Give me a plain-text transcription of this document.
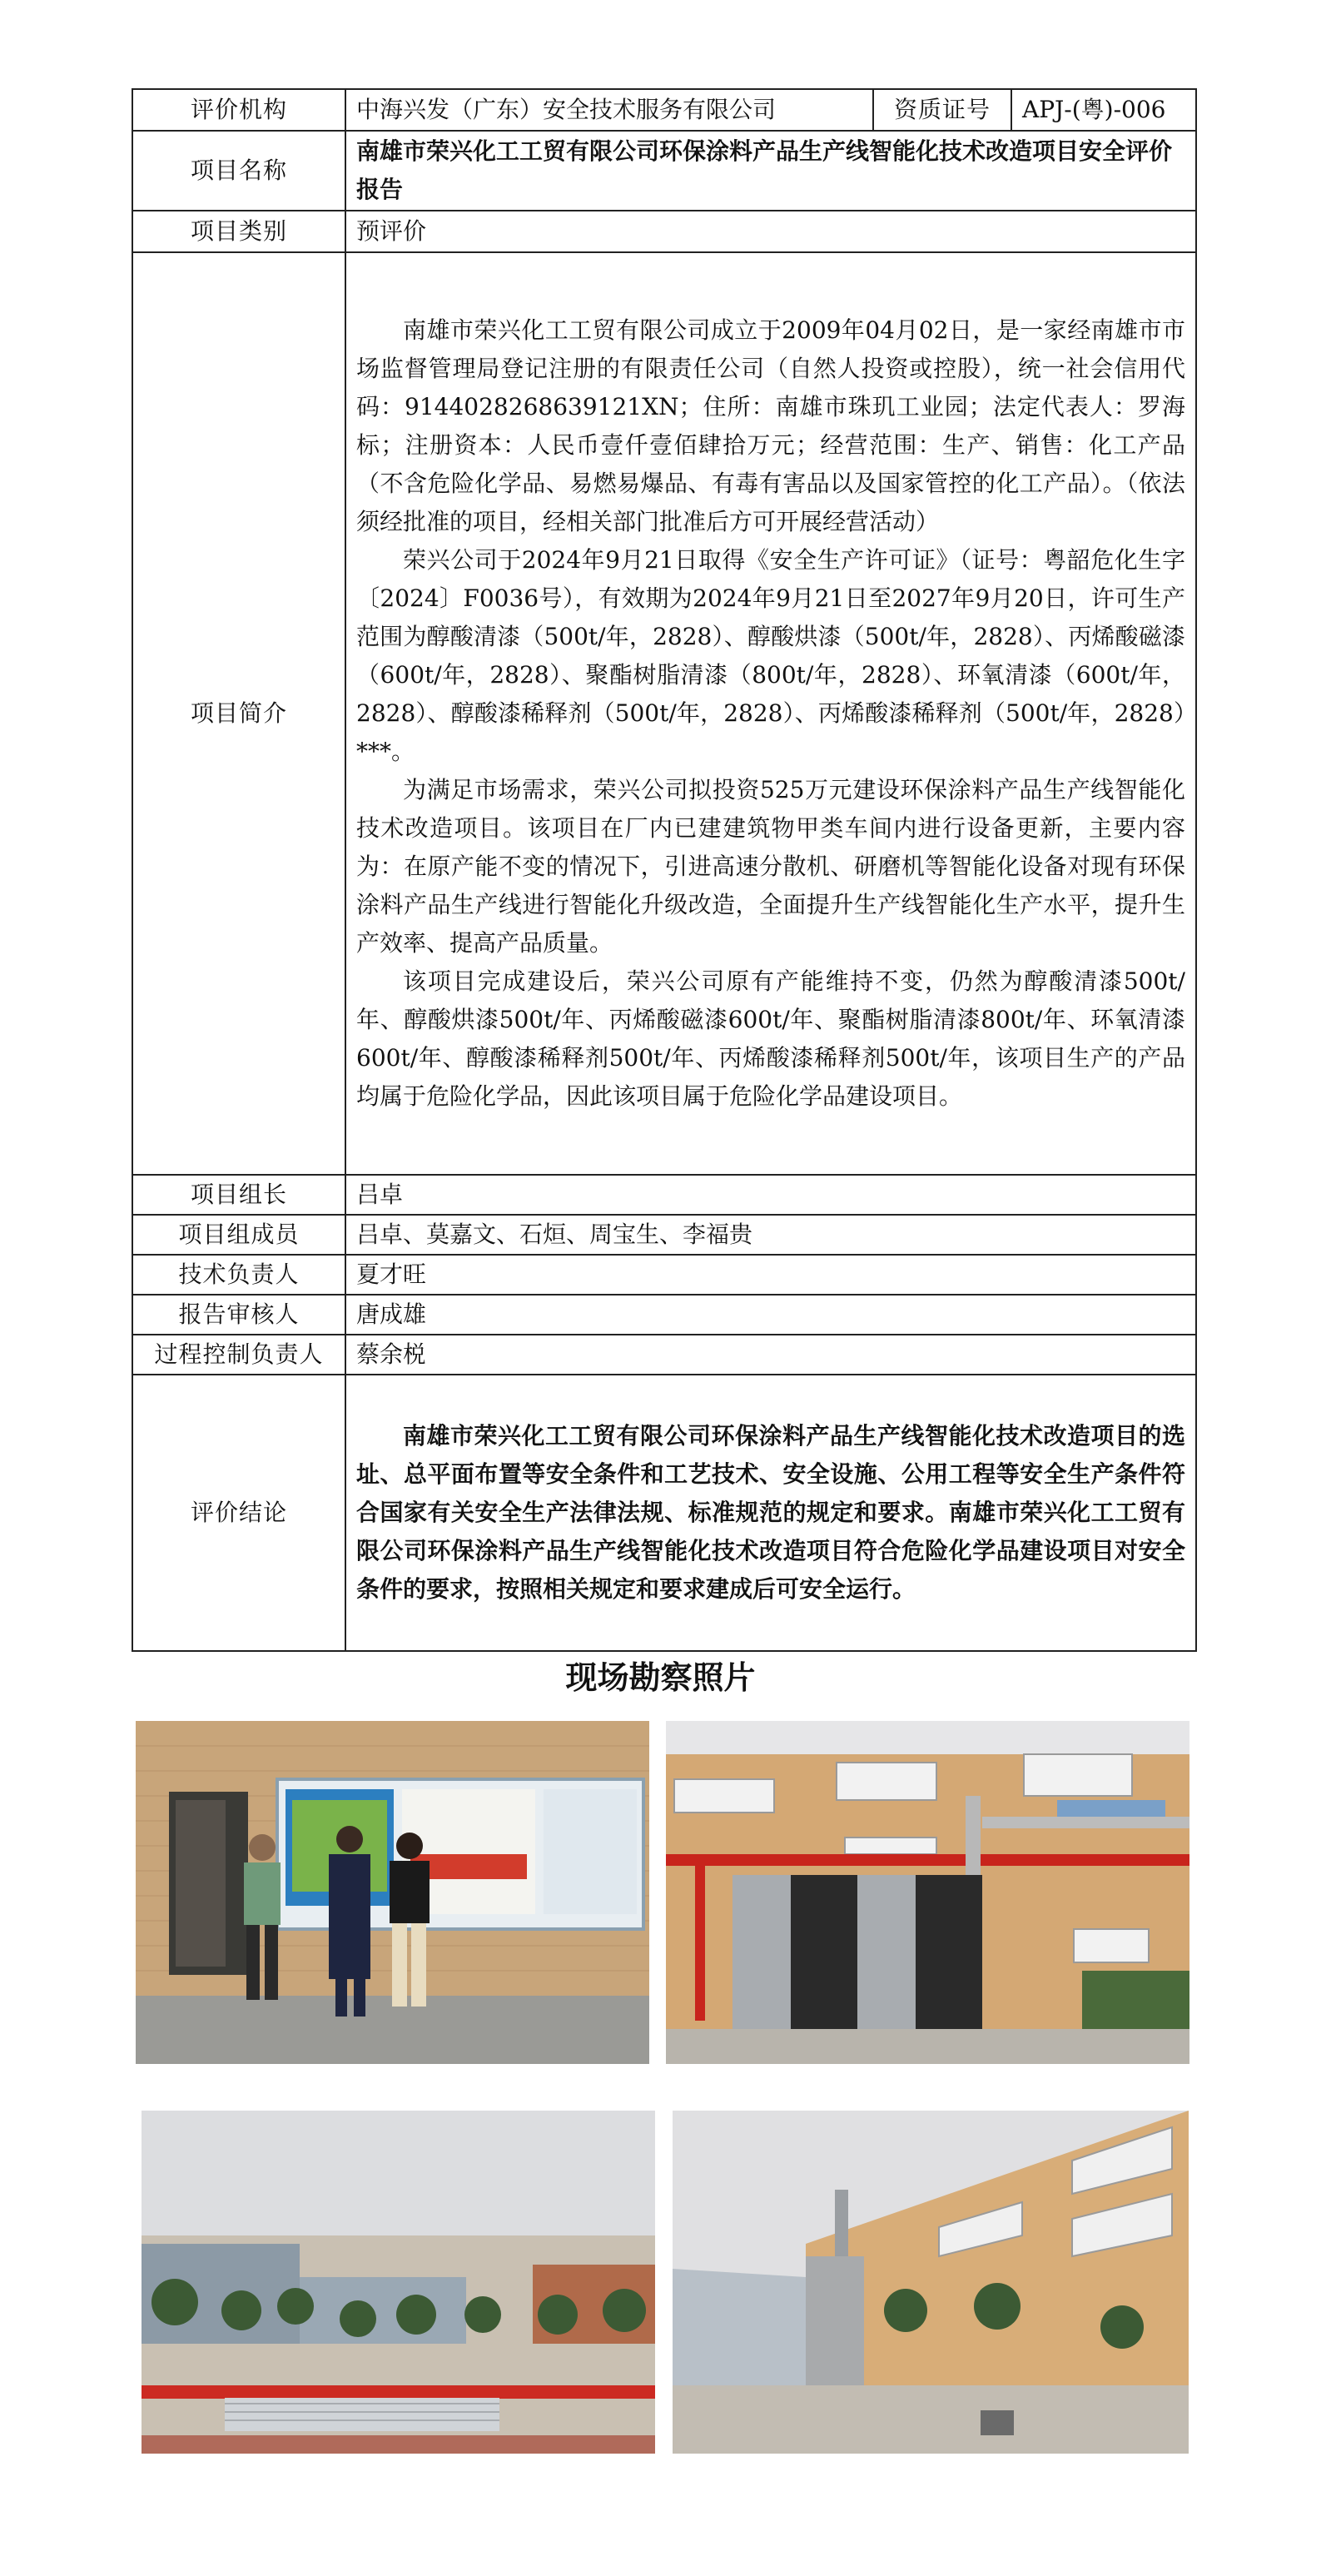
评价机构	中海兴发（广东）安全技术服务有限公司	资质证号	APJ-(粤)-006
项目名称	南雄市荣兴化工工贸有限公司环保涂料产品生产线智能化技术改造项目安全评价报告		
项目类别	预评价		
项目简介	南雄市荣兴化工工贸有限公司成立于2009年04月02日，是一家经南雄市市场监督管理局登记注册的有限责任公司（自然人投资或控股），统一社会信用代码：9144028268639121XN；住所：南雄市珠玑工业园；法定代表人：罗海标；注册资本：人民币壹仟壹佰肆拾万元；经营范围：生产、销售：化工产品（不含危险化学品、易燃易爆品、有毒有害品以及国家管控的化工产品）。（依法须经批准的项目，经相关部门批准后方可开展经营活动）

荣兴公司于2024年9月21日取得《安全生产许可证》（证号：粤韶危化生字〔2024〕F0036号），有效期为2024年9月21日至2027年9月20日，许可生产范围为醇酸清漆（500t/年，2828）、醇酸烘漆（500t/年，2828）、丙烯酸磁漆（600t/年，2828）、聚酯树脂清漆（800t/年，2828）、环氧清漆（600t/年，2828）、醇酸漆稀释剂（500t/年，2828）、丙烯酸漆稀释剂（500t/年，2828）***。

为满足市场需求，荣兴公司拟投资525万元建设环保涂料产品生产线智能化技术改造项目。该项目在厂内已建建筑物甲类车间内进行设备更新，主要内容为：在原产能不变的情况下，引进高速分散机、研磨机等智能化设备对现有环保涂料产品生产线进行智能化升级改造，全面提升生产线智能化生产水平，提升生产效率、提高产品质量。

该项目完成建设后，荣兴公司原有产能维持不变，仍然为醇酸清漆500t/年、醇酸烘漆500t/年、丙烯酸磁漆600t/年、聚酯树脂清漆800t/年、环氧清漆600t/年、醇酸漆稀释剂500t/年、丙烯酸漆稀释剂500t/年，该项目生产的产品均属于危险化学品，因此该项目属于危险化学品建设项目。		

项目组长	吕卓		
项目组成员	吕卓、莫嘉文、石烜、周宝生、李福贵		
技术负责人	夏才旺		
报告审核人	唐成雄		
过程控制负责人	蔡余棁		
评价结论	南雄市荣兴化工工贸有限公司环保涂料产品生产线智能化技术改造项目的选址、总平面布置等安全条件和工艺技术、安全设施、公用工程等安全生产条件符合国家有关安全生产法律法规、标准规范的规定和要求。南雄市荣兴化工工贸有限公司环保涂料产品生产线智能化技术改造项目符合危险化学品建设项目对安全条件的要求，按照相关规定和要求建成后可安全运行。		

现场勘察照片
